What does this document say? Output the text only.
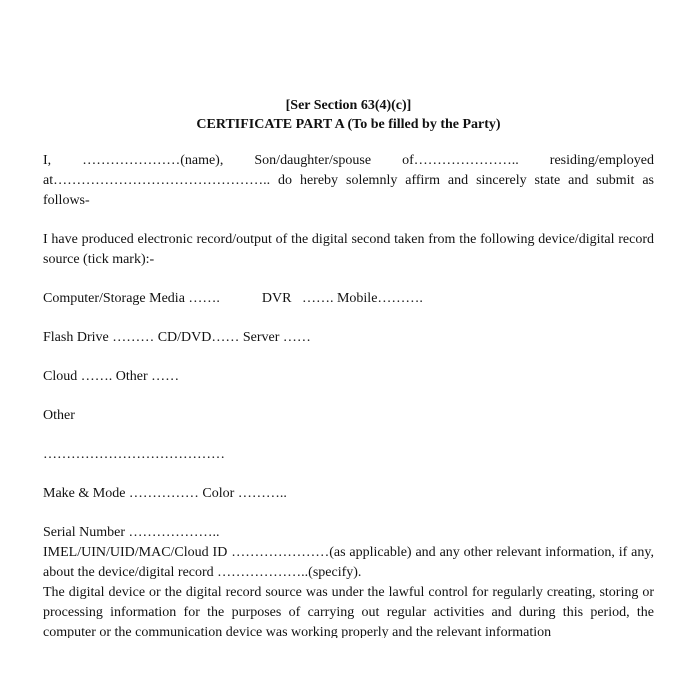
[Ser Section 63(4)(c)]
CERTIFICATE PART A (To be filled by the Party)
I, …………………(name), Son/daughter/spouse of………………….. residing/employed
at……………………………………….. do hereby solemnly affirm and sincerely state and submit as
follows-

I have produced electronic record/output of the digital second taken from the following device/digital record source (tick mark):-

Computer/Storage Media …….            DVR   ……. Mobile……….

Flash Drive ……… CD/DVD…… Server ……

Cloud ……. Other ……

Other

…………………………………

Make & Mode …………… Color ………..

Serial Number ………………..

IMEL/UIN/UID/MAC/Cloud ID …………………(as applicable) and any other relevant information, if any, about the device/digital record ………………..(specify).

The digital device or the digital record source was under the lawful control for regularly creating, storing or processing information for the purposes of carrying out regular activities and during this period, the computer or the communication device was working properly and the relevant information
